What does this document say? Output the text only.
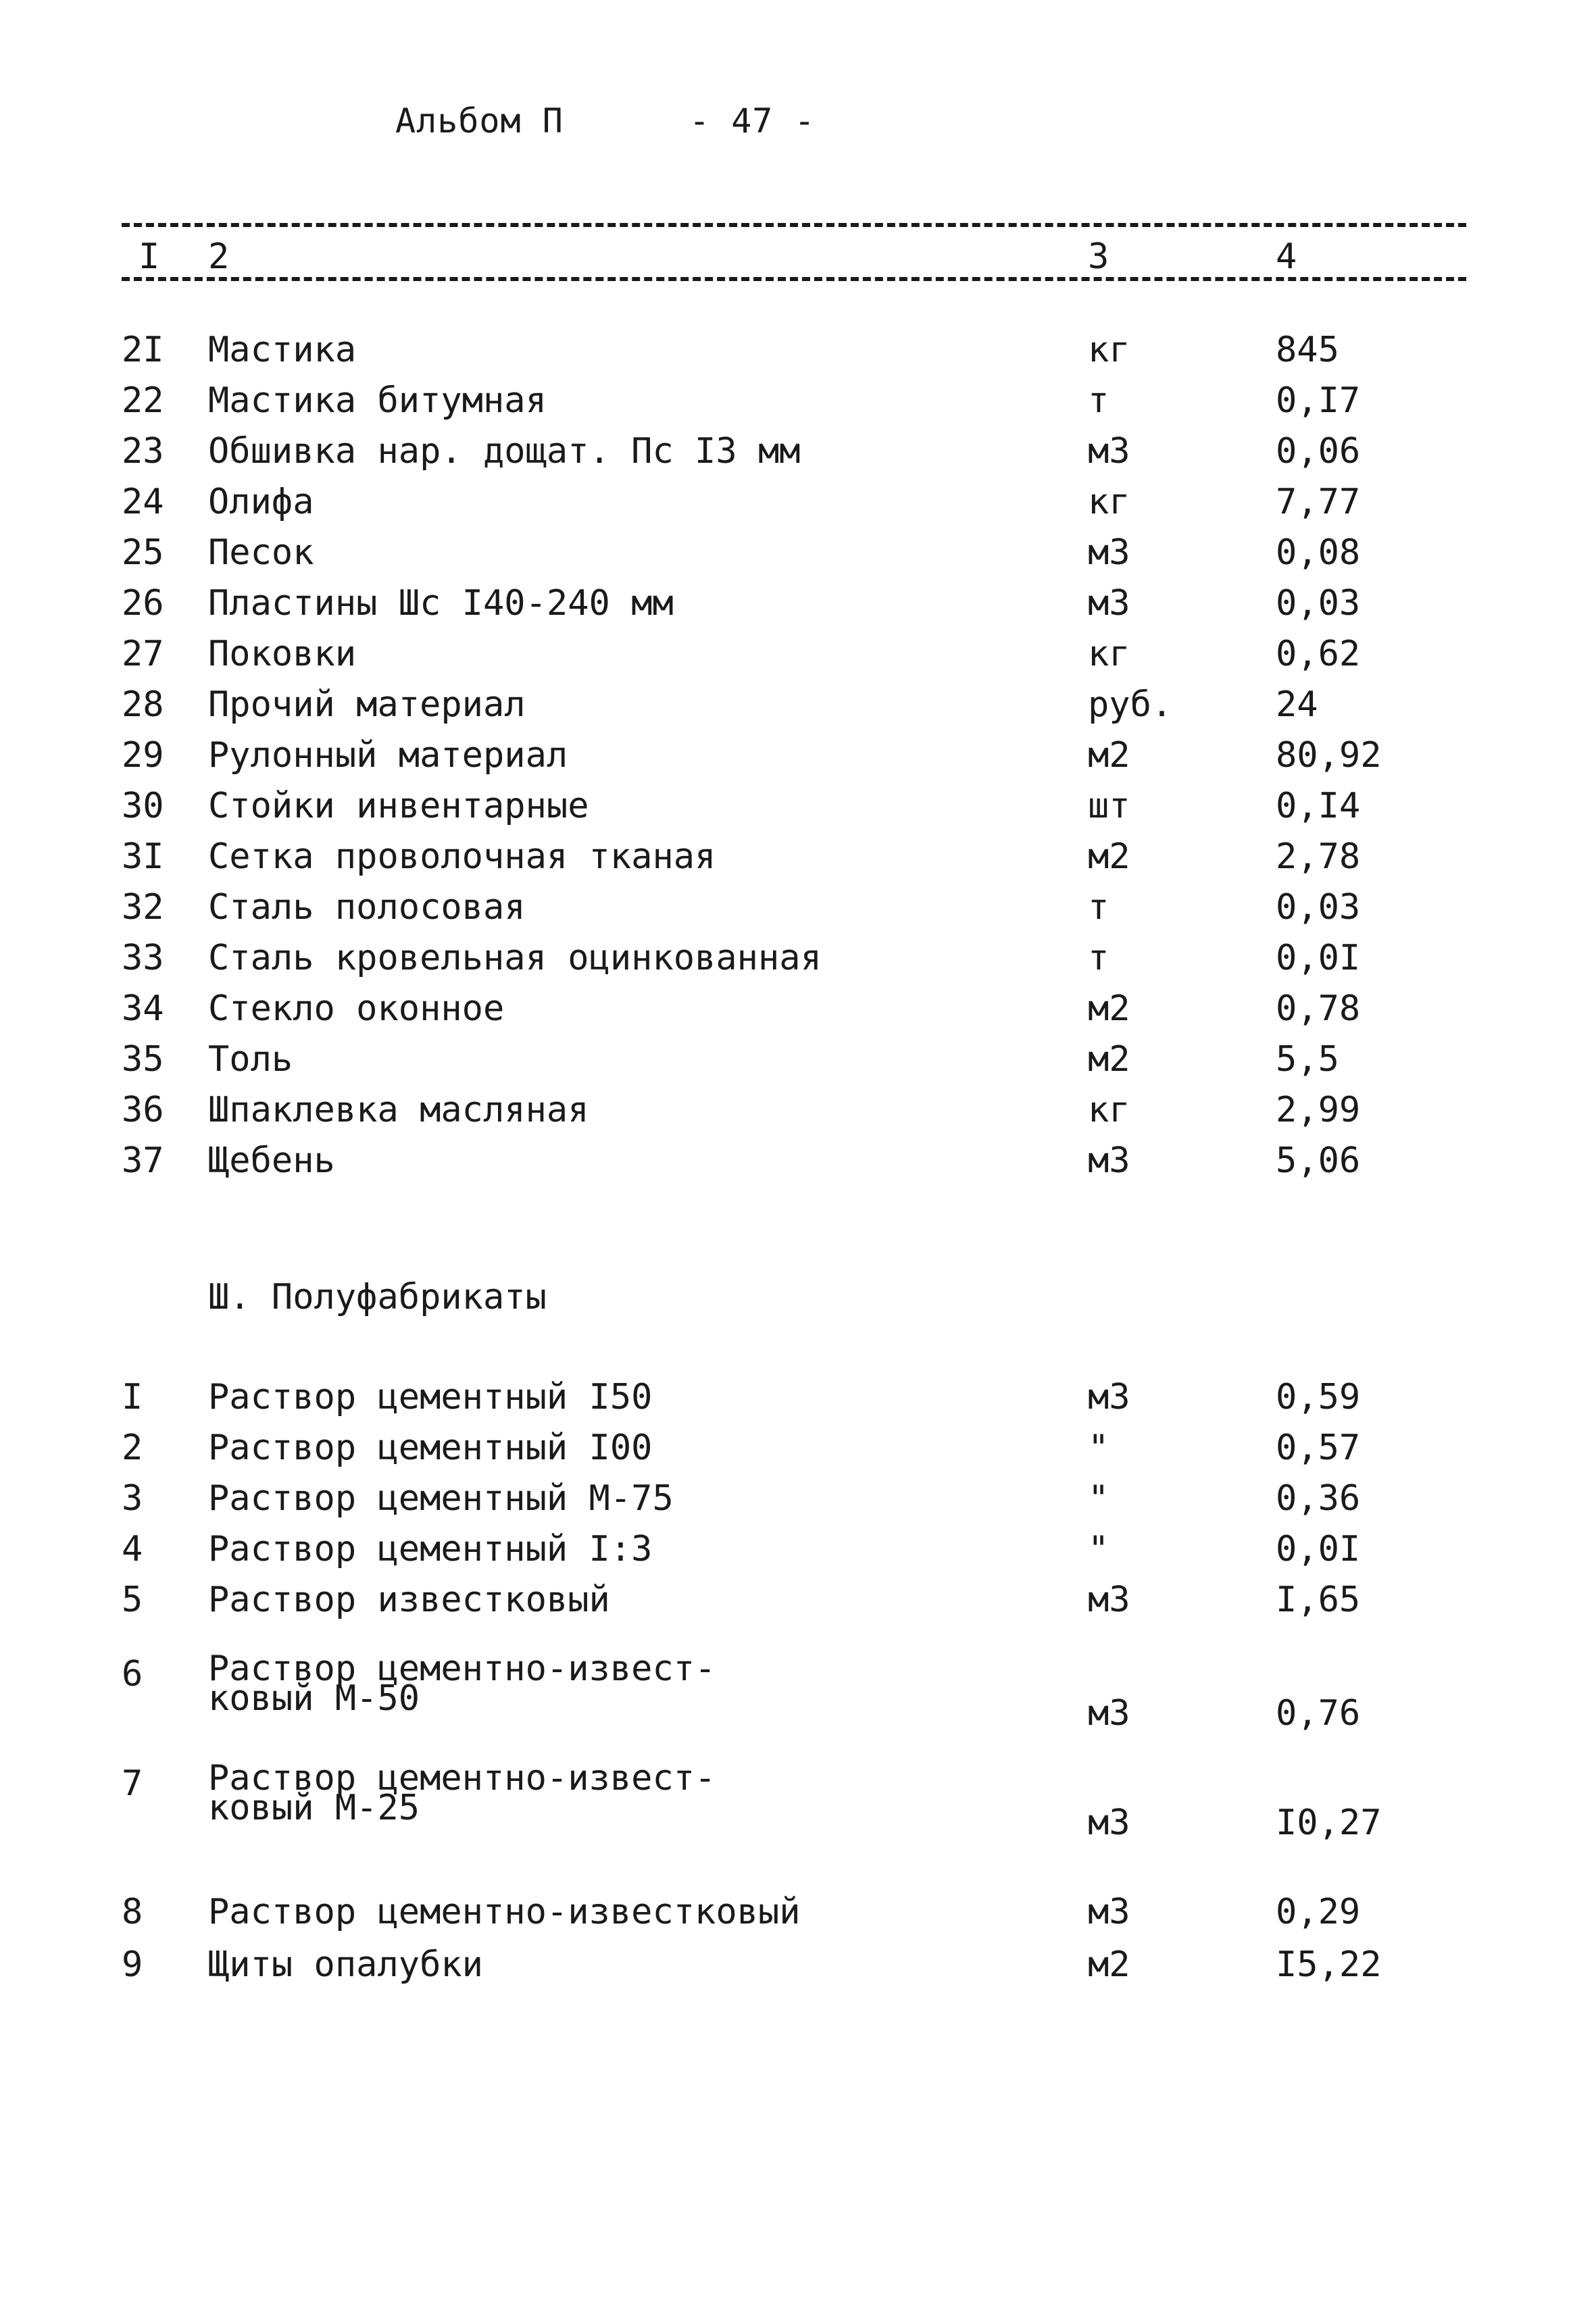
Альбом П	- 47 -
I 2	3	4
2I Мастика	кг	845
22 Мастика битумная	т	0,I7
23 Обшивка нар. дощат. Пс I3 мм	м3	0,06
24 Олифа	кг	7,77
25 Песок	м3	0,08
26 Пластины Шс I40-240 мм	м3	0,03
27 Поковки	кг	0,62
28 Прочий материал	руб.	24
29 Рулонный материал	м2	80,92
30 Стойки инвентарные	шт	0,I4
3I Сетка проволочная тканая	м2	2,78
32 Сталь полосовая	т	0,03
33 Сталь кровельная оцинкованная	т	0,0I
34 Стекло оконное	м2	0,78
35 Толь	м2	5,5
36 Шпаклевка масляная	кг	2,99
37 Щебень	м3	5,06
Ш. Полуфабрикаты
I Раствор цементный I50	м3	0,59
2 Раствор цементный I00	"	0,57
3 Раствор цементный М-75	"	0,36
4 Раствор цементный I:3	"	0,0I
5 Раствор известковый	м3	I,65
6 Раствор цементно-извест-
ковый М-50	м3	0,76
7 Раствор цементно-извест-
ковый М-25	м3	I0,27
8 Раствор цементно-известковый	м3	0,29
9 Щиты опалубки	м2	I5,22
